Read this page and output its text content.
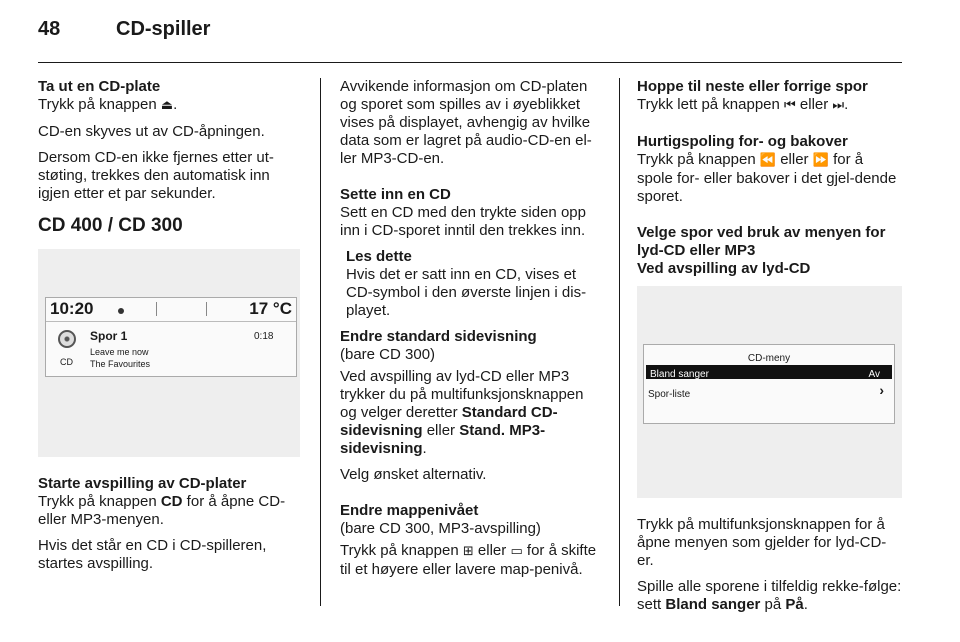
48	CD-spiller
Ta ut en CD-plate

Trykk på knappen ⏏.

CD-en skyves ut av CD-åpningen.

Dersom CD-en ikke fjernes etter ut-støting, trekkes den automatisk inn igjen etter et par sekunder.

CD 400 / CD 300
10:20	17 °C
CD
Spor 1	0:18
Leave me now
The Favourites
Starte avspilling av CD-plater

Trykk på knappen CD for å åpne CD-eller MP3-menyen.

Hvis det står en CD i CD-spilleren, startes avspilling.

Avvikende informasjon om CD-platen og sporet som spilles av i øyeblikket vises på displayet, avhengig av hvilke data som er lagret på audio-CD-en el-ler MP3-CD-en.

Sette inn en CD

Sett en CD med den trykte siden opp inn i CD-sporet inntil den trekkes inn.

Les dette

Hvis det er satt inn en CD, vises et CD-symbol i den øverste linjen i dis-playet.

Endre standard sidevisning

(bare CD 300)

Ved avspilling av lyd-CD eller MP3 trykker du på multifunksjonsknappen og velger deretter Standard CD-sidevisning eller Stand. MP3-sidevisning.

Velg ønsket alternativ.

Endre mappenivået

(bare CD 300, MP3-avspilling)

Trykk på knappen ⊞ eller ▭ for å skifte til et høyere eller lavere map-penivå.

Hoppe til neste eller forrige spor

Trykk lett på knappen ⏮ eller ⏭.

Hurtigspoling for- og bakover

Trykk på knappen ⏪ eller ⏩ for å spole for- eller bakover i det gjel-dende sporet.

Velge spor ved bruk av menyen for lyd-CD eller MP3
Ved avspilling av lyd-CD
CD-meny
Bland sanger	Av
Spor-liste	›

Trykk på multifunksjonsknappen for å åpne menyen som gjelder for lyd-CD-er.

Spille alle sporene i tilfeldig rekke-følge: sett Bland sanger på På.
